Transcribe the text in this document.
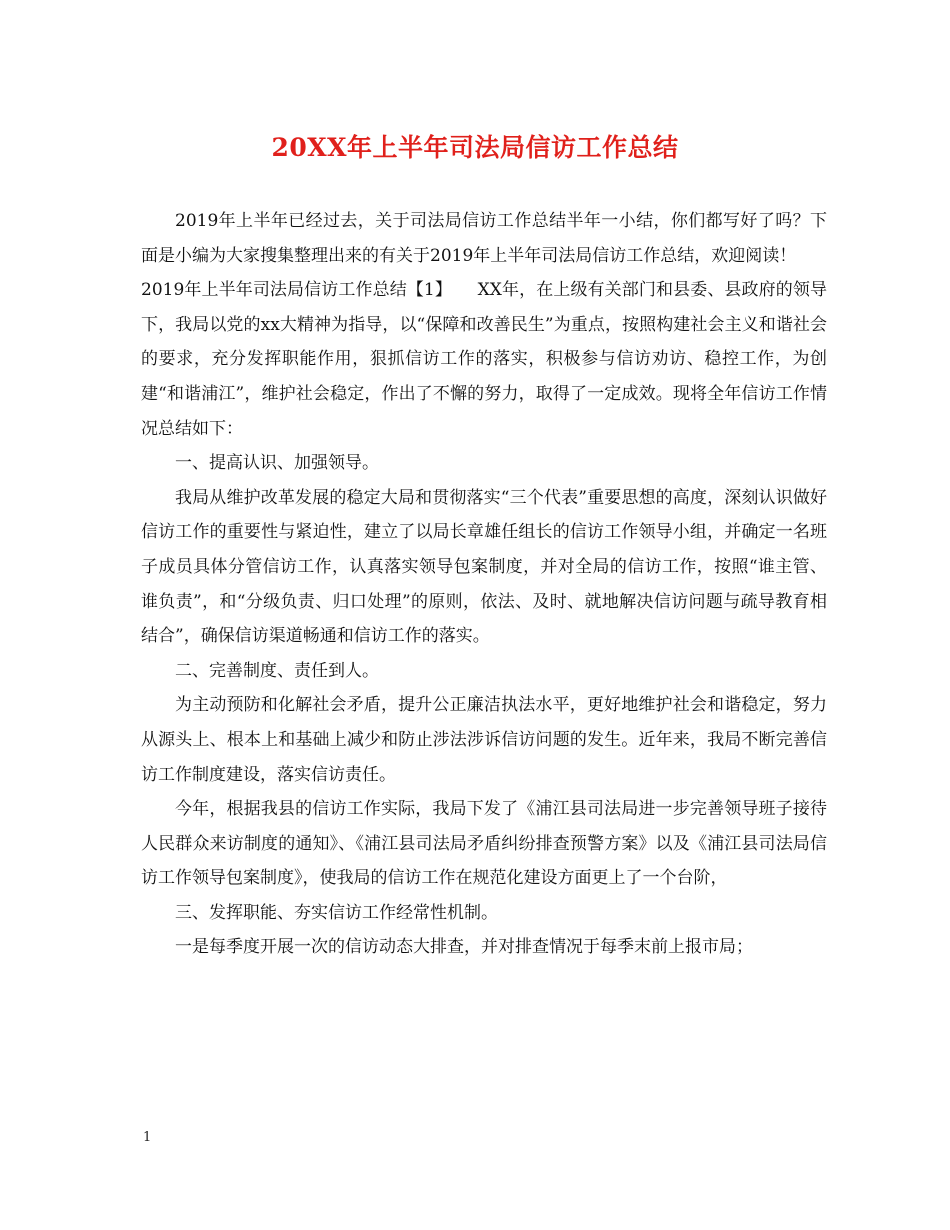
20XX年上半年司法局信访工作总结

2019年上半年已经过去，关于司法局信访工作总结半年一小结，你们都写好了吗？下面是小编为大家搜集整理出来的有关于2019年上半年司法局信访工作总结，欢迎阅读！

2019年上半年司法局信访工作总结【1】　　XX年，在上级有关部门和县委、县政府的领导下，我局以党的xx大精神为指导，以“保障和改善民生”为重点，按照构建社会主义和谐社会的要求，充分发挥职能作用，狠抓信访工作的落实，积极参与信访劝访、稳控工作，为创建“和谐浦江”，维护社会稳定，作出了不懈的努力，取得了一定成效。现将全年信访工作情况总结如下：

一、提高认识、加强领导。

我局从维护改革发展的稳定大局和贯彻落实“三个代表”重要思想的高度，深刻认识做好信访工作的重要性与紧迫性，建立了以局长章雄任组长的信访工作领导小组，并确定一名班子成员具体分管信访工作，认真落实领导包案制度，并对全局的信访工作，按照“谁主管、谁负责”，和“分级负责、归口处理”的原则，依法、及时、就地解决信访问题与疏导教育相结合”，确保信访渠道畅通和信访工作的落实。

二、完善制度、责任到人。

为主动预防和化解社会矛盾，提升公正廉洁执法水平，更好地维护社会和谐稳定，努力从源头上、根本上和基础上减少和防止涉法涉诉信访问题的发生。近年来，我局不断完善信访工作制度建设，落实信访责任。

今年，根据我县的信访工作实际，我局下发了《浦江县司法局进一步完善领导班子接待人民群众来访制度的通知》、《浦江县司法局矛盾纠纷排查预警方案》以及《浦江县司法局信访工作领导包案制度》，使我局的信访工作在规范化建设方面更上了一个台阶，

三、发挥职能、夯实信访工作经常性机制。

一是每季度开展一次的信访动态大排查，并对排查情况于每季末前上报市局；

1
